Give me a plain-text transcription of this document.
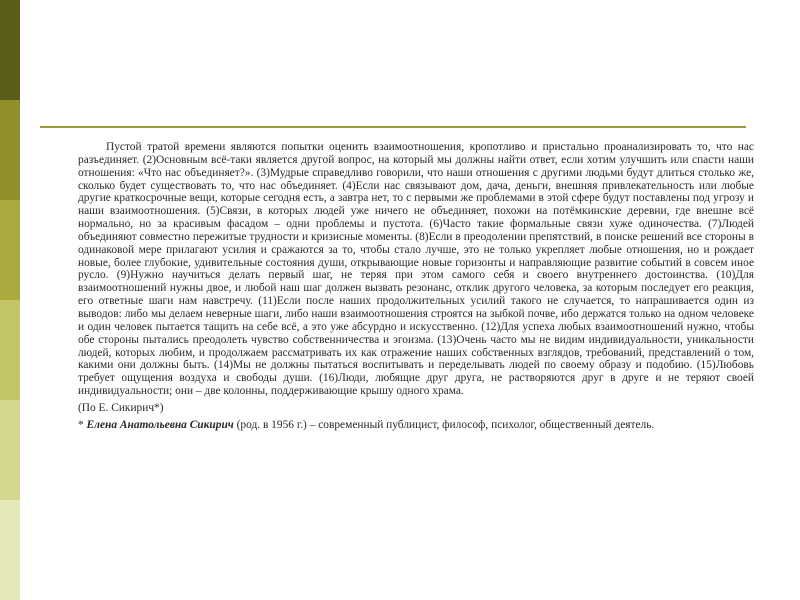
Пустой тратой времени являются попытки оценить взаимоотношения, кропотливо и пристально проанализировать то, что нас разъединяет. (2)Основным всё-таки является другой вопрос, на который мы должны найти ответ, если хотим улучшить или спасти наши отношения: «Что нас объединяет?». (3)Мудрые справедливо говорили, что наши отношения с другими людьми будут длиться столько же, сколько будет существовать то, что нас объединяет. (4)Если нас связывают дом, дача, деньги, внешняя привлекательность или любые другие краткосрочные вещи, которые сегодня есть, а завтра нет, то с первыми же проблемами в этой сфере будут поставлены под угрозу и наши взаимоотношения. (5)Связи, в которых людей уже ничего не объединяет, похожи на потёмкинские деревни, где внешне всё нормально, но за красивым фасадом – одни проблемы и пустота. (6)Часто такие формальные связи хуже одиночества. (7)Людей объединяют совместно пережитые трудности и кризисные моменты. (8)Если в преодолении препятствий, в поиске решений все стороны в одинаковой мере прилагают усилия и сражаются за то, чтобы стало лучше, это не только укрепляет любые отношения, но и рождает новые, более глубокие, удивительные состояния души, открывающие новые горизонты и направляющие развитие событий в совсем иное русло. (9)Нужно научиться делать первый шаг, не теряя при этом самого себя и своего внутреннего достоинства. (10)Для взаимоотношений нужны двое, и любой наш шаг должен вызвать резонанс, отклик другого человека, за которым последует его реакция, его ответные шаги нам навстречу. (11)Если после наших продолжительных усилий такого не случается, то напрашивается один из выводов: либо мы делаем неверные шаги, либо наши взаимоотношения строятся на зыбкой почве, ибо держатся только на одном человеке и один человек пытается тащить на себе всё, а это уже абсурдно и искусственно. (12)Для успеха любых взаимоотношений нужно, чтобы обе стороны пытались преодолеть чувство собственничества и эгоизма. (13)Очень часто мы не видим индивидуальности, уникальности людей, которых любим, и продолжаем рассматривать их как отражение наших собственных взглядов, требований, представлений о том, какими они должны быть. (14)Мы не должны пытаться воспитывать и переделывать людей по своему образу и подобию. (15)Любовь требует ощущения воздуха и свободы души. (16)Люди, любящие друг друга, не растворяются друг в друге и не теряют своей индивидуальности; они – две колонны, поддерживающие крышу одного храма.

(По Е. Сикирич*)

* Елена Анатольевна Сикирич (род. в 1956 г.) – современный публицист, философ, психолог, общественный деятель.
